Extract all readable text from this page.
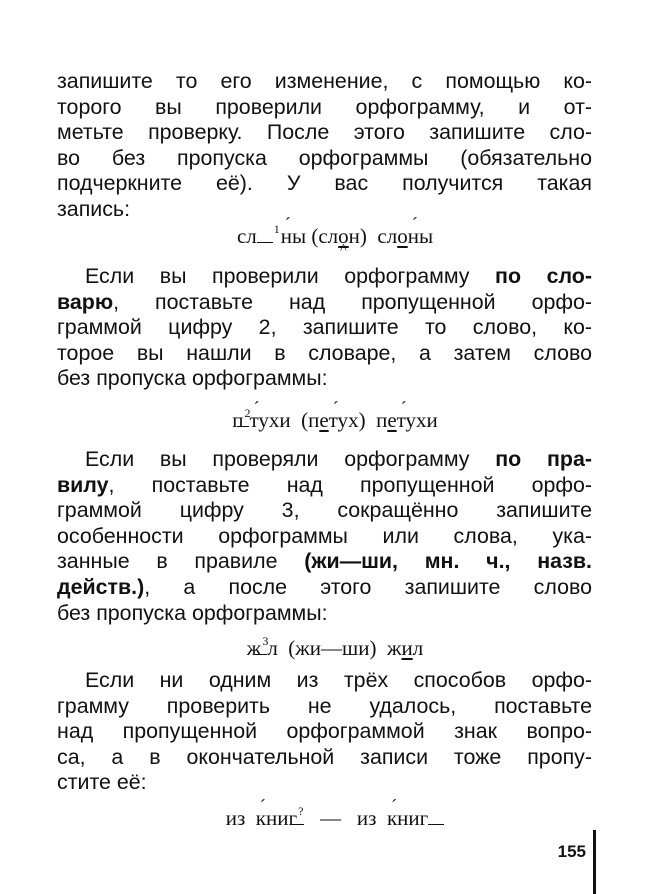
запишите то его изменение, с помощью ко-
торого вы проверили орфограмму, и от-
метьте проверку. После этого запишите сло-
во без пропуска орфограммы (обязательно
подчеркните её). У вас получится такая
запись:
сл $^1$ны ´ (сло ^н) слоны ´
Если вы проверили орфограмму по сло-
варю, поставьте над пропущенной орфо-
граммой цифру 2, запишите то слово, ко-
торое вы нашли в словаре, а затем слово
без пропуска орфограммы:
$п^2тухи$ ´ (пету ´х) петухи ´
Если вы проверяли орфограмму по пра-
вилу, поставьте над пропущенной орфо-
граммой цифру 3, сокращённо запишите
особенности орфограммы или слова, ука-
занные в правиле (жи—ши, мн. ч., назв.
действ.), а после этого запишите слово
без пропуска орфограммы:
$ж^3л$ (жи—ши) жил
Если ни одним из трёх способов орфо-
грамму проверить не удалось, поставьте
над пропущенной орфограммой знак вопро-
са, а в окончательной записи тоже пропу-
стите её:
из кни ´г? — из кни ´г
155
